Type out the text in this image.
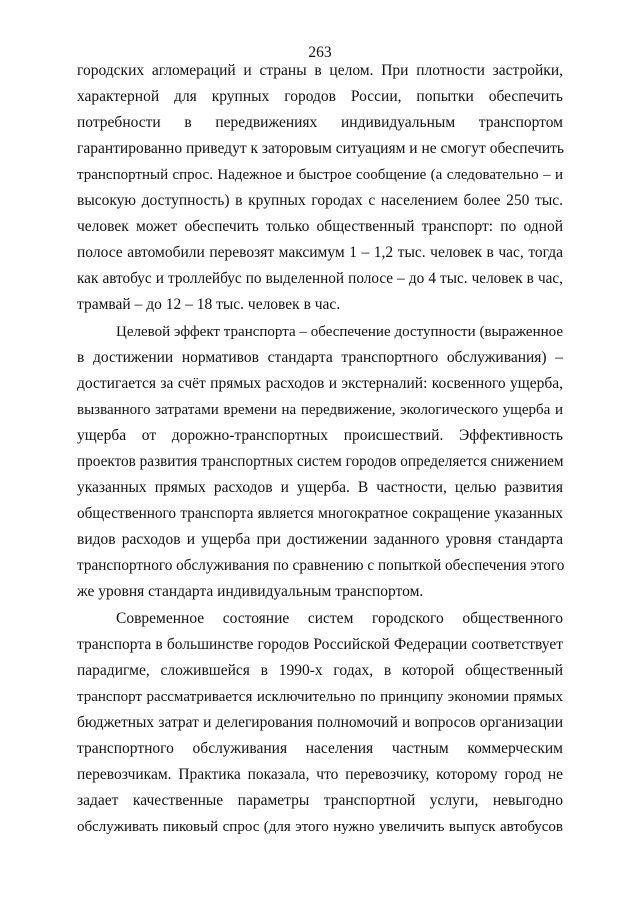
263
городских агломераций и страны в целом. При плотности застройки,
характерной для крупных городов России, попытки обеспечить
потребности в передвижениях индивидуальным транспортом
гарантированно приведут к заторовым ситуациям и не смогут обеспечить
транспортный спрос. Надежное и быстрое сообщение (а следовательно – и
высокую доступность) в крупных городах с населением более 250 тыс.
человек может обеспечить только общественный транспорт: по одной
полосе автомобили перевозят максимум 1 – 1,2 тыс. человек в час, тогда
как автобус и троллейбус по выделенной полосе – до 4 тыс. человек в час,
трамвай – до 12 – 18 тыс. человек в час.
Целевой эффект транспорта – обеспечение доступности (выраженное
в достижении нормативов стандарта транспортного обслуживания) –
достигается за счёт прямых расходов и экстерналий: косвенного ущерба,
вызванного затратами времени на передвижение, экологического ущерба и
ущерба от дорожно-транспортных происшествий. Эффективность
проектов развития транспортных систем городов определяется снижением
указанных прямых расходов и ущерба. В частности, целью развития
общественного транспорта является многократное сокращение указанных
видов расходов и ущерба при достижении заданного уровня стандарта
транспортного обслуживания по сравнению с попыткой обеспечения этого
же уровня стандарта индивидуальным транспортом.
Современное состояние систем городского общественного
транспорта в большинстве городов Российской Федерации соответствует
парадигме, сложившейся в 1990-х годах, в которой общественный
транспорт рассматривается исключительно по принципу экономии прямых
бюджетных затрат и делегирования полномочий и вопросов организации
транспортного обслуживания населения частным коммерческим
перевозчикам. Практика показала, что перевозчику, которому город не
задает качественные параметры транспортной услуги, невыгодно
обслуживать пиковый спрос (для этого нужно увеличить выпуск автобусов
